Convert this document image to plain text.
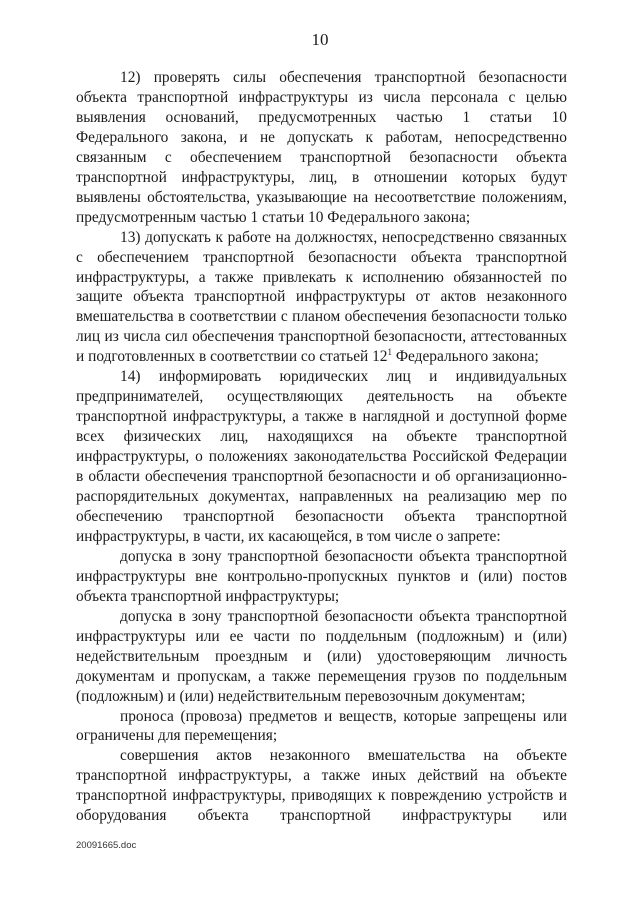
10

12) проверять силы обеспечения транспортной безопасности объекта транспортной инфраструктуры из числа персонала с целью выявления оснований, предусмотренных частью 1 статьи 10 Федерального закона, и не допускать к работам, непосредственно связанным с обеспечением транспортной безопасности объекта транспортной инфраструктуры, лиц, в отношении которых будут выявлены обстоятельства, указывающие на несоответствие положениям, предусмотренным частью 1 статьи 10 Федерального закона;

13) допускать к работе на должностях, непосредственно связанных с обеспечением транспортной безопасности объекта транспортной инфраструктуры, а также привлекать к исполнению обязанностей по защите объекта транспортной инфраструктуры от актов незаконного вмешательства в соответствии с планом обеспечения безопасности только лиц из числа сил обеспечения транспортной безопасности, аттестованных и подготовленных в соответствии со статьей $12^1$ Федерального закона;

14) информировать юридических лиц и индивидуальных предпринимателей, осуществляющих деятельность на объекте транспортной инфраструктуры, а также в наглядной и доступной форме всех физических лиц, находящихся на объекте транспортной инфраструктуры, о положениях законодательства Российской Федерации в области обеспечения транспортной безопасности и об организационно-распорядительных документах, направленных на реализацию мер по обеспечению транспортной безопасности объекта транспортной инфраструктуры, в части, их касающейся, в том числе о запрете:

допуска в зону транспортной безопасности объекта транспортной инфраструктуры вне контрольно-пропускных пунктов и (или) постов объекта транспортной инфраструктуры;

допуска в зону транспортной безопасности объекта транспортной инфраструктуры или ее части по поддельным (подложным) и (или) недействительным проездным и (или) удостоверяющим личность документам и пропускам, а также перемещения грузов по поддельным (подложным) и (или) недействительным перевозочным документам;

проноса (провоза) предметов и веществ, которые запрещены или ограничены для перемещения;

совершения актов незаконного вмешательства на объекте транспортной инфраструктуры, а также иных действий на объекте транспортной инфраструктуры, приводящих к повреждению устройств и оборудования объекта транспортной инфраструктуры или

20091665.doc
